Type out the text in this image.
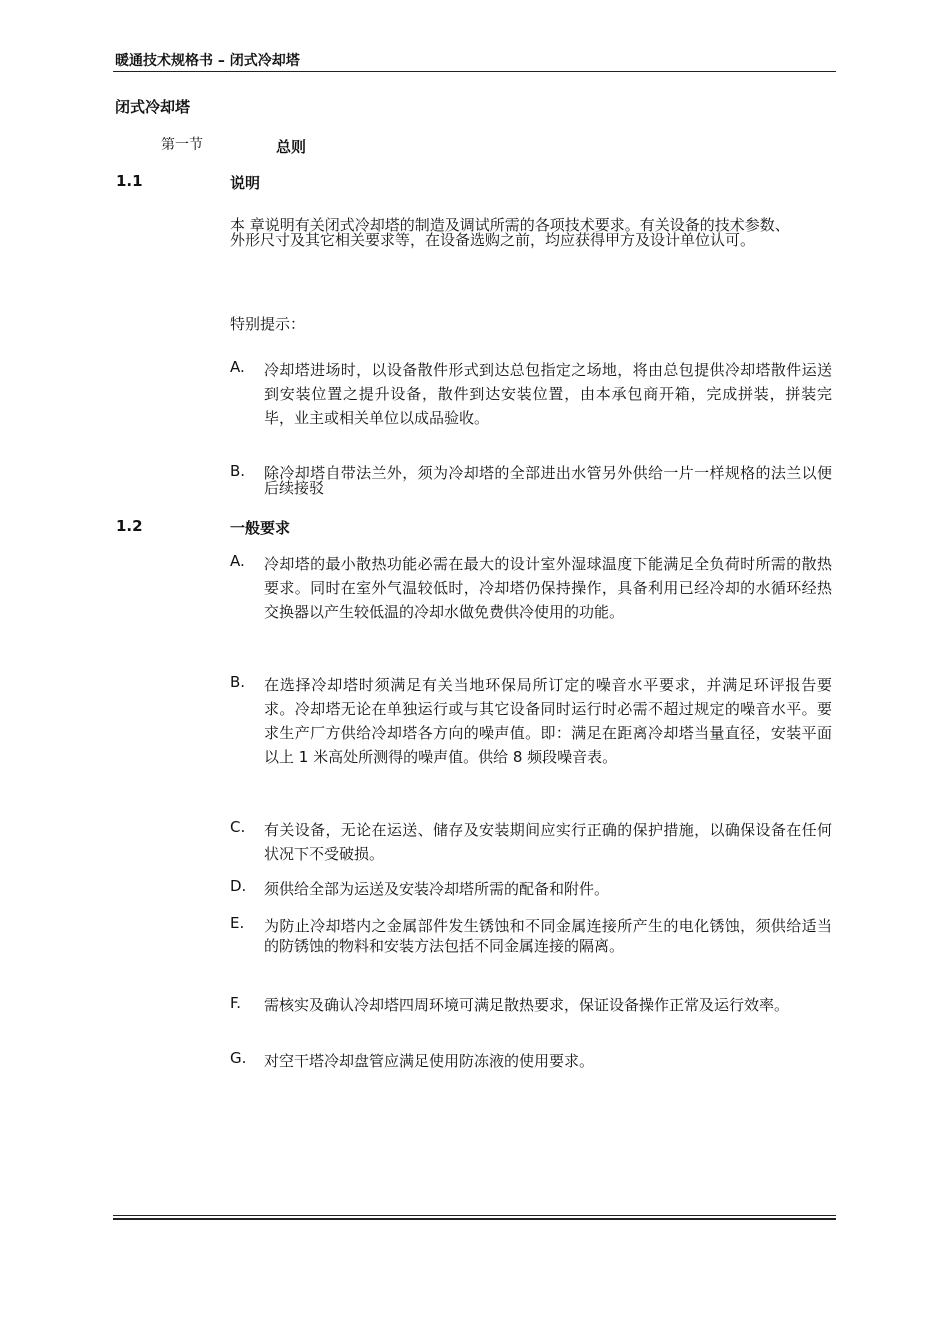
暖通技术规格书 – 闭式冷却塔
闭式冷却塔
第一节	总则
1.1	说明
本 章说明有关闭式冷却塔的制造及调试所需的各项技术要求。有关设备的技术参数、外形尺寸及其它相关要求等，在设备选购之前，均应获得甲方及设计单位认可。
特别提示：
A. 冷却塔进场时，以设备散件形式到达总包指定之场地，将由总包提供冷却塔散件运送到安装位置之提升设备，散件到达安装位置，由本承包商开箱，完成拼装，拼装完毕，业主或相关单位以成品验收。
B. 除冷却塔自带法兰外，须为冷却塔的全部进出水管另外供给一片一样规格的法兰以便后续接驳
1.2	一般要求
A. 冷却塔的最小散热功能必需在最大的设计室外湿球温度下能满足全负荷时所需的散热要求。同时在室外气温较低时，冷却塔仍保持操作，具备利用已经冷却的水循环经热交换器以产生较低温的冷却水做免费供冷使用的功能。
B. 在选择冷却塔时须满足有关当地环保局所订定的噪音水平要求，并满足环评报告要求。冷却塔无论在单独运行或与其它设备同时运行时必需不超过规定的噪音水平。要求生产厂方供给冷却塔各方向的噪声值。即：满足在距离冷却塔当量直径，安装平面以上 1 米高处所测得的噪声值。供给 8 频段噪音表。
C. 有关设备，无论在运送、储存及安装期间应实行正确的保护措施，以确保设备在任何状况下不受破损。
D. 须供给全部为运送及安装冷却塔所需的配备和附件。
E. 为防止冷却塔内之金属部件发生锈蚀和不同金属连接所产生的电化锈蚀，须供给适当的防锈蚀的物料和安装方法包括不同金属连接的隔离。
F. 需核实及确认冷却塔四周环境可满足散热要求，保证设备操作正常及运行效率。
G. 对空干塔冷却盘管应满足使用防冻液的使用要求。
